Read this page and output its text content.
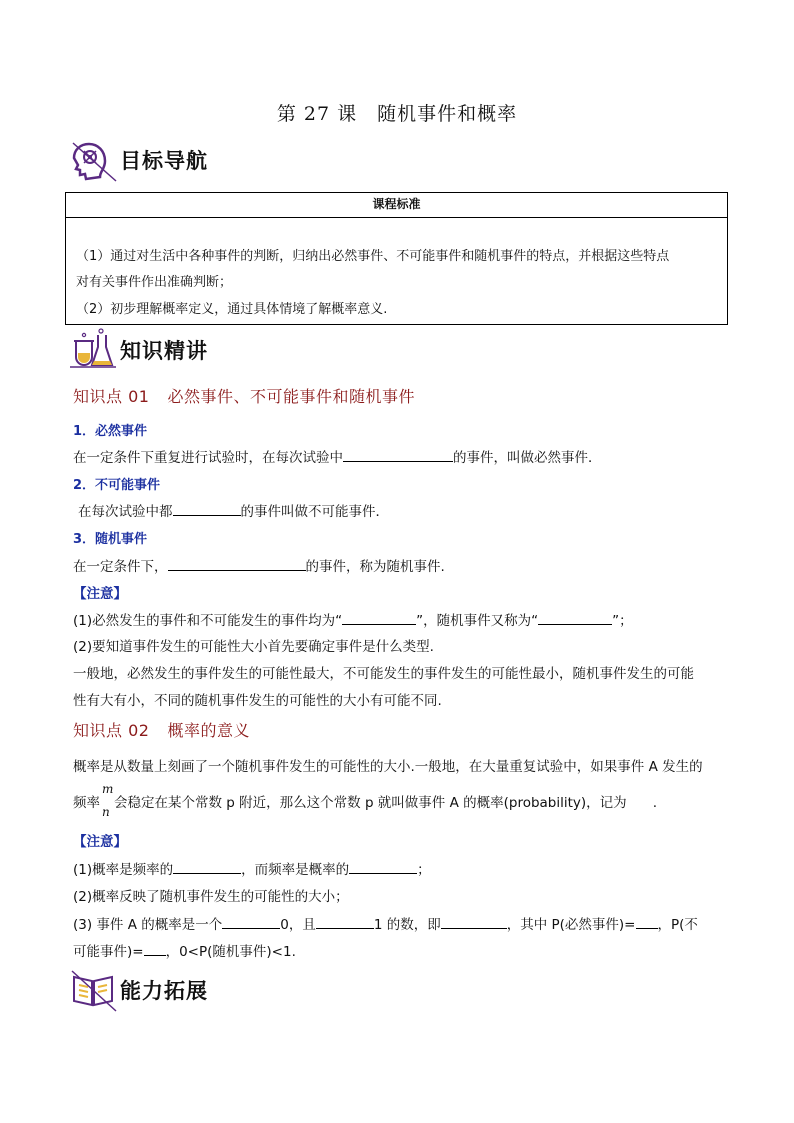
第 27 课　随机事件和概率
目标导航
课程标准
（1）通过对生活中各种事件的判断，归纳出必然事件、不可能事件和随机事件的特点，并根据这些特点
对有关事件作出准确判断；
（2）初步理解概率定义，通过具体情境了解概率意义.
知识精讲
知识点 01 必然事件、不可能事件和随机事件
1．必然事件
在一定条件下重复进行试验时，在每次试验中	的事件，叫做必然事件．
2．不可能事件
在每次试验中都	的事件叫做不可能事件．
3．随机事件
在一定条件下，	的事件，称为随机事件.
【注意】
(1)必然发生的事件和不可能发生的事件均为“	”，随机事件又称为“	”；
(2)要知道事件发生的可能性大小首先要确定事件是什么类型.
一般地，必然发生的事件发生的可能性最大，不可能发生的事件发生的可能性最小，随机事件发生的可能
性有大有小，不同的随机事件发生的可能性的大小有可能不同.
知识点 02 概率的意义
概率是从数量上刻画了一个随机事件发生的可能性的大小.一般地，在大量重复试验中，如果事件 A 发生的
频率
m
n
会稳定在某个常数 p 附近，那么这个常数 p 就叫做事件 A 的概率(probability)，记为 .
【注意】
(1)概率是频率的	，而频率是概率的	；
(2)概率反映了随机事件发生的可能性的大小；
(3) 事件 A 的概率是一个	0，且	1 的数，即	，其中 P(必然事件)= ，P(不
可能事件)= ，0<P(随机事件)<1.
能力拓展
